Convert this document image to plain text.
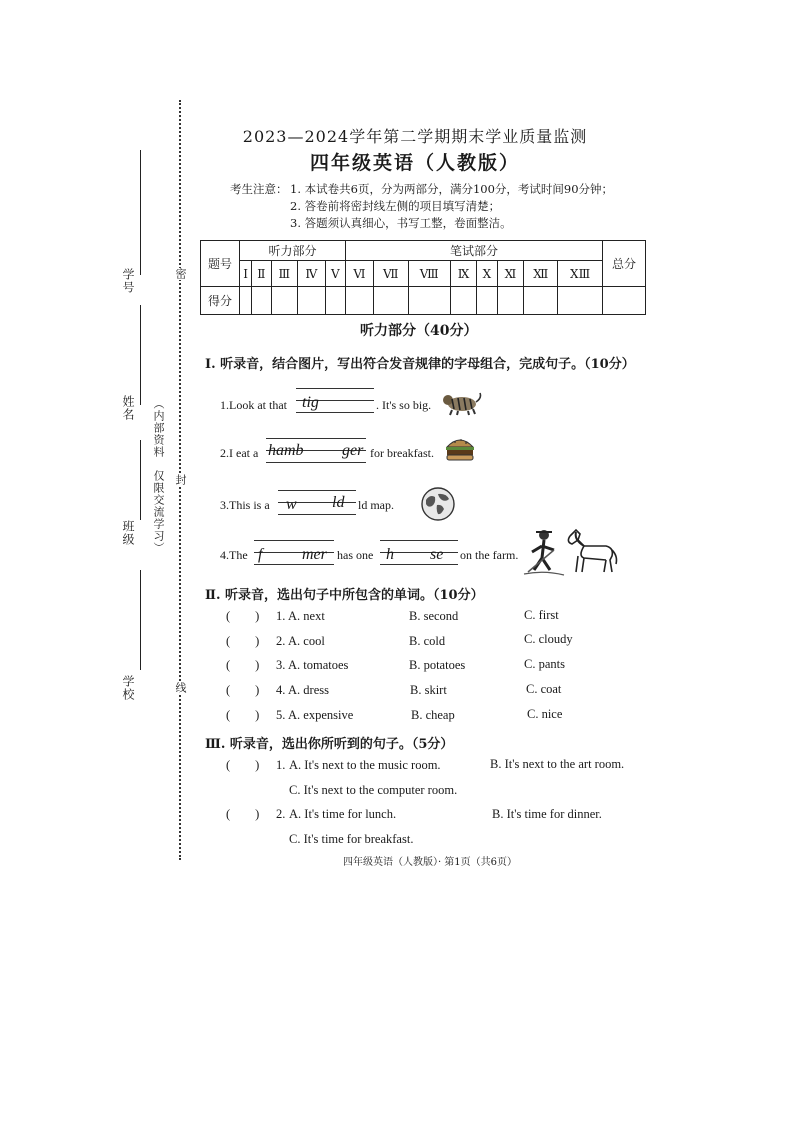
学号
姓名
班级
学校
（内部资料　仅限交流学习）
密
封
线
2023—2024学年第二学期期末学业质量监测
四年级英语（人教版）
考生注意： 1. 本试卷共6页，分为两部分，满分100分，考试时间90分钟；
2. 答卷前将密封线左侧的项目填写清楚；
3. 答题须认真细心，书写工整，卷面整洁。
题号	听力部分					笔试部分								总分
	Ⅰ	Ⅱ	Ⅲ	Ⅳ	Ⅴ	Ⅵ	Ⅶ	Ⅷ	Ⅸ	Ⅹ	Ⅺ	Ⅻ	ⅩⅢ	
得分														
听力部分（40分）
Ⅰ. 听录音，结合图片，写出符合发音规律的字母组合，完成句子。（10分）
1.Look at that tig	. It's so big.
2.I eat a hamb ger for breakfast.
3.This is a w ld ld map.
4.The f mer has one h se on the farm.
Ⅱ. 听录音，选出句子中所包含的单词。（10分）
(        ) 1. A. next	B. second	C. first
(        ) 2. A. cool	B. cold	C. cloudy
(        ) 3. A. tomatoes	B. potatoes	C. pants
(        ) 4. A. dress	B. skirt	C. coat
(        ) 5. A. expensive	B. cheap	C. nice
Ⅲ. 听录音，选出你所听到的句子。（5分）
(        ) 1. A. It's next to the music room.	B. It's next to the art room.
C. It's next to the computer room.
(        ) 2. A. It's time for lunch.	B. It's time for dinner.
C. It's time for breakfast.
四年级英语（人教版）· 第1页（共6页）
